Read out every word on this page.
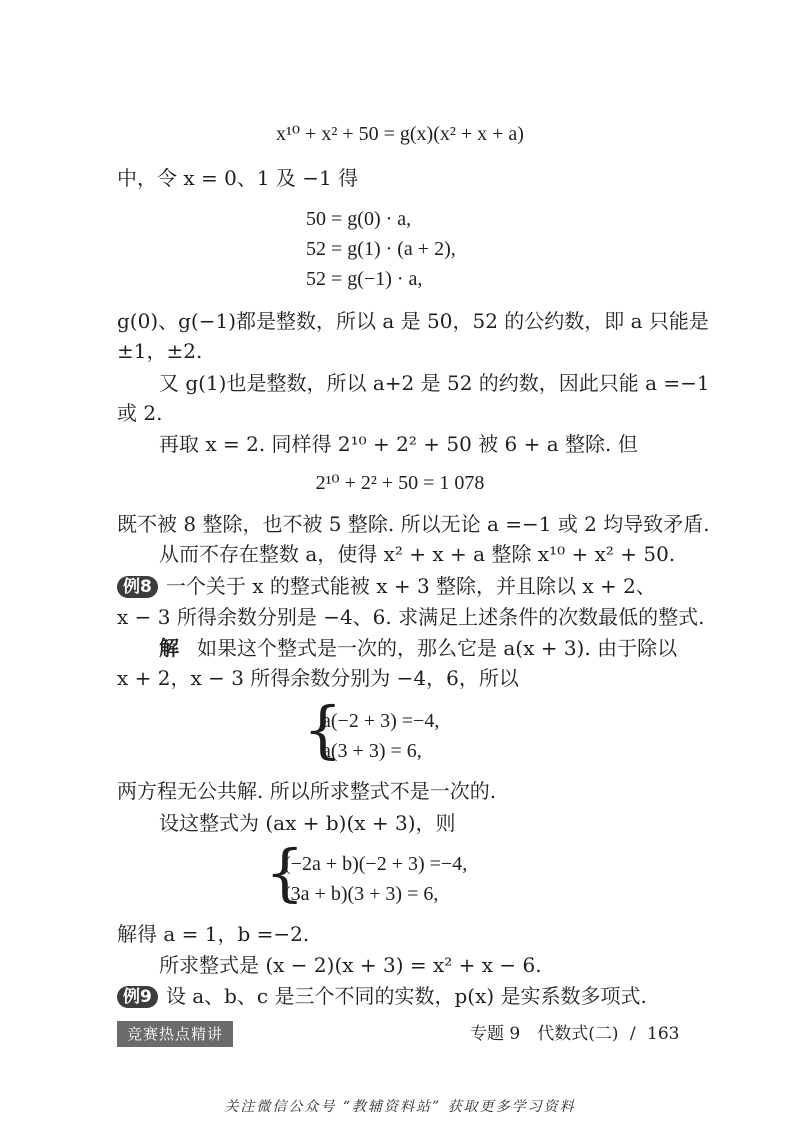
x¹⁰ + x² + 50 = g(x)(x² + x + a)
中，令 x = 0、1 及 −1 得
50 = g(0) · a,
52 = g(1) · (a + 2),
52 = g(−1) · a,
g(0)、g(−1)都是整数，所以 a 是 50，52 的公约数，即 a 只能是
±1，±2.
又 g(1)也是整数，所以 a+2 是 52 的约数，因此只能 a =−1
或 2.
再取 x = 2. 同样得 2¹⁰ + 2² + 50 被 6 + a 整除. 但
2¹⁰ + 2² + 50 = 1 078
既不被 8 整除，也不被 5 整除. 所以无论 a =−1 或 2 均导致矛盾.
从而不存在整数 a，使得 x² + x + a 整除 x¹⁰ + x² + 50.
例8 一个关于 x 的整式能被 x + 3 整除，并且除以 x + 2、
x − 3 所得余数分别是 −4、6. 求满足上述条件的次数最低的整式.
解 如果这个整式是一次的，那么它是 a(x + 3). 由于除以
x + 2，x − 3 所得余数分别为 −4，6，所以
{
a(−2 + 3) =−4,
a(3 + 3) = 6,
两方程无公共解. 所以所求整式不是一次的.
设这整式为 (ax + b)(x + 3)，则
{
(−2a + b)(−2 + 3) =−4,
(3a + b)(3 + 3) = 6,
解得 a = 1，b =−2.
所求整式是 (x − 2)(x + 3) = x² + x − 6.
例9 设 a、b、c 是三个不同的实数，p(x) 是实系数多项式.
竞赛热点精讲	专题 9　代数式(二) / 163
关注微信公众号 “教辅资料站” 获取更多学习资料
